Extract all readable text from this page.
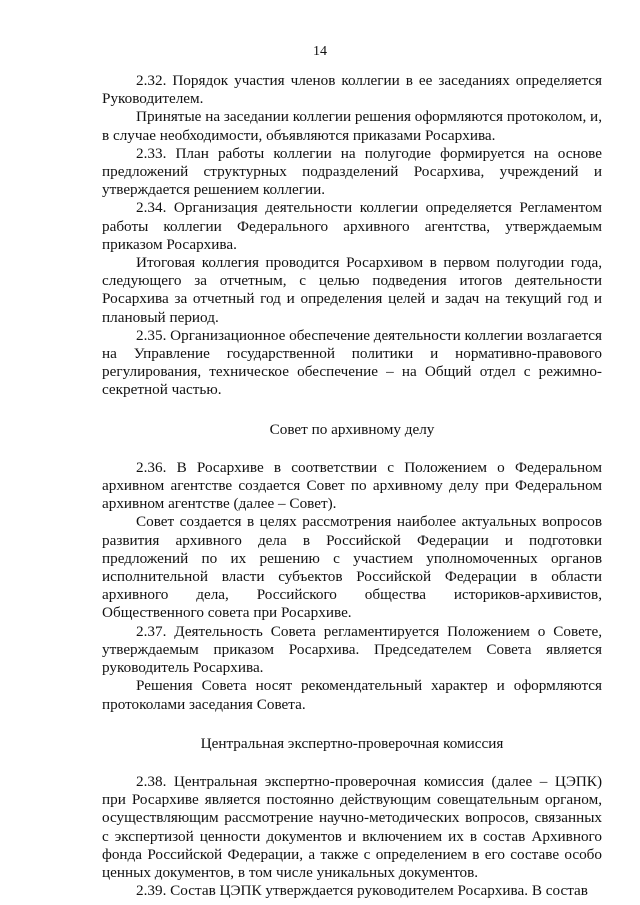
14

2.32. Порядок участия членов коллегии в ее заседаниях определяется Руководителем.

Принятые на заседании коллегии решения оформляются протоколом, и, в случае необходимости, объявляются приказами Росархива.

2.33. План работы коллегии на полугодие формируется на основе предложений структурных подразделений Росархива, учреждений и утверждается решением коллегии.

2.34. Организация деятельности коллегии определяется Регламентом работы коллегии Федерального архивного агентства, утверждаемым приказом Росархива.

Итоговая коллегия проводится Росархивом в первом полугодии года, следующего за отчетным, с целью подведения итогов деятельности Росархива за отчетный год и определения целей и задач на текущий год и плановый период.

2.35. Организационное обеспечение деятельности коллегии возлагается на Управление государственной политики и нормативно-правового регулирования, техническое обеспечение – на Общий отдел с режимно-секретной частью.

Совет по архивному делу

2.36. В Росархиве в соответствии с Положением о Федеральном архивном агентстве создается Совет по архивному делу при Федеральном архивном агентстве (далее – Совет).

Совет создается в целях рассмотрения наиболее актуальных вопросов развития архивного дела в Российской Федерации и подготовки предложений по их решению с участием уполномоченных органов исполнительной власти субъектов Российской Федерации в области архивного дела, Российского общества историков-архивистов, Общественного совета при Росархиве.

2.37. Деятельность Совета регламентируется Положением о Совете, утверждаемым приказом Росархива. Председателем Совета является руководитель Росархива.

Решения Совета носят рекомендательный характер и оформляются протоколами заседания Совета.

Центральная экспертно-проверочная комиссия

2.38. Центральная экспертно-проверочная комиссия (далее – ЦЭПК) при Росархиве является постоянно действующим совещательным органом, осуществляющим рассмотрение научно-методических вопросов, связанных с экспертизой ценности документов и включением их в состав Архивного фонда Российской Федерации, а также с определением в его составе особо ценных документов, в том числе уникальных документов.

2.39. Состав ЦЭПК утверждается руководителем Росархива. В состав
